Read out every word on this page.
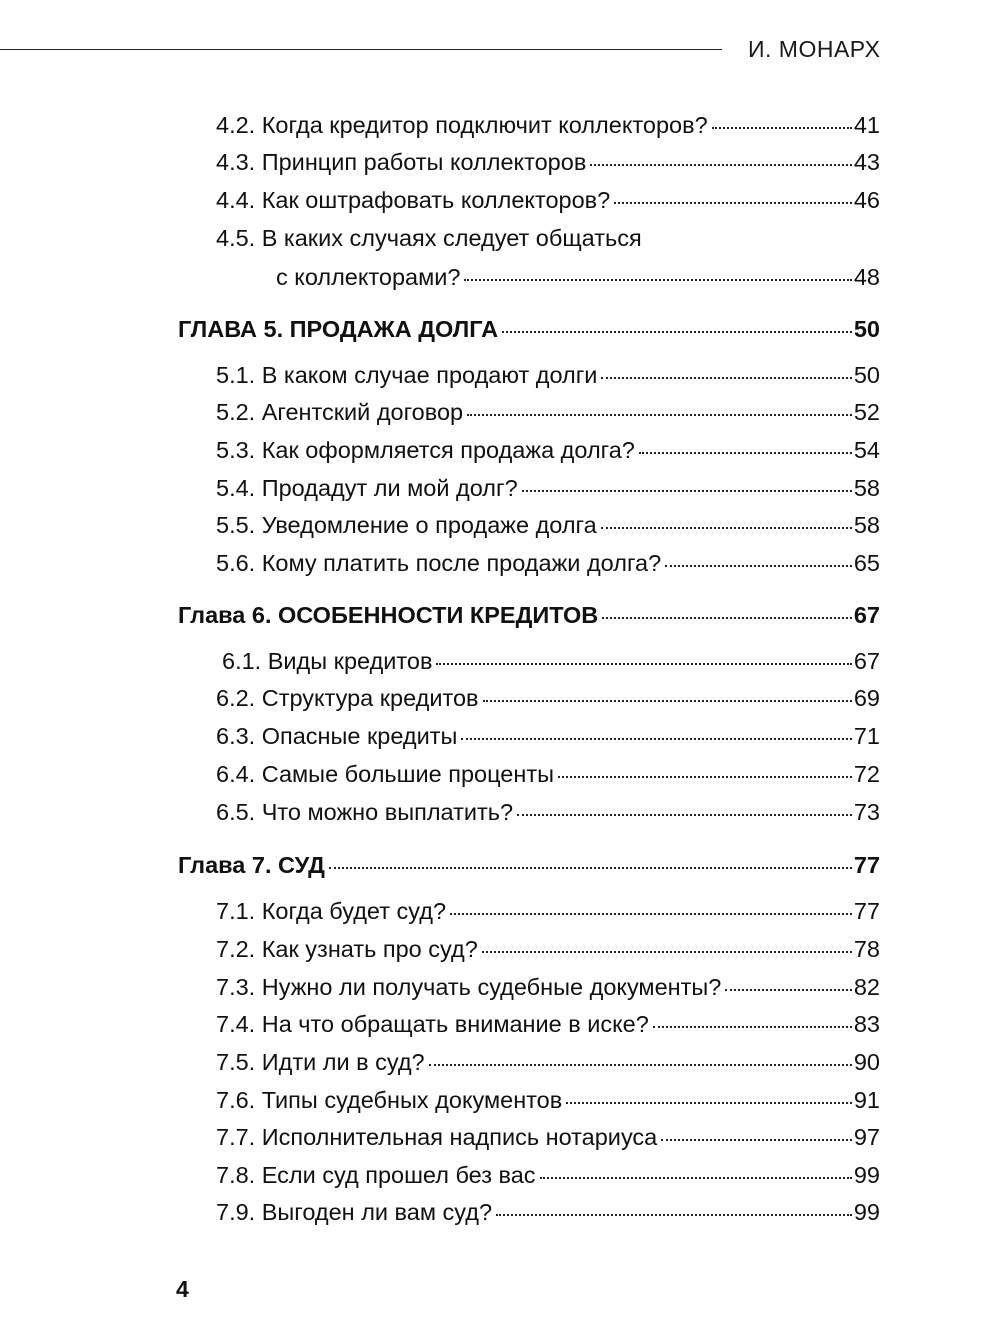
И. МОНАРХ
4.2. Когда кредитор подключит коллекторов?	41
4.3. Принцип работы коллекторов	43
4.4. Как оштрафовать коллекторов?	46
4.5. В каких случаях следует общаться
с коллекторами?	48
ГЛАВА 5. ПРОДАЖА ДОЛГА	50
5.1. В каком случае продают долги	50
5.2. Агентский договор	52
5.3. Как оформляется продажа долга?	54
5.4. Продадут ли мой долг?	58
5.5. Уведомление о продаже долга	58
5.6. Кому платить после продажи долга?	65
Глава 6. ОСОБЕННОСТИ КРЕДИТОВ	67
6.1. Виды кредитов	67
6.2. Структура кредитов	69
6.3. Опасные кредиты	71
6.4. Самые большие проценты	72
6.5. Что можно выплатить?	73
Глава 7. СУД	77
7.1. Когда будет суд?	77
7.2. Как узнать про суд?	78
7.3. Нужно ли получать судебные документы?	82
7.4. На что обращать внимание в иске?	83
7.5. Идти ли в суд?	90
7.6. Типы судебных документов	91
7.7. Исполнительная надпись нотариуса	97
7.8. Если суд прошел без вас	99
7.9. Выгоден ли вам суд?	99
4
